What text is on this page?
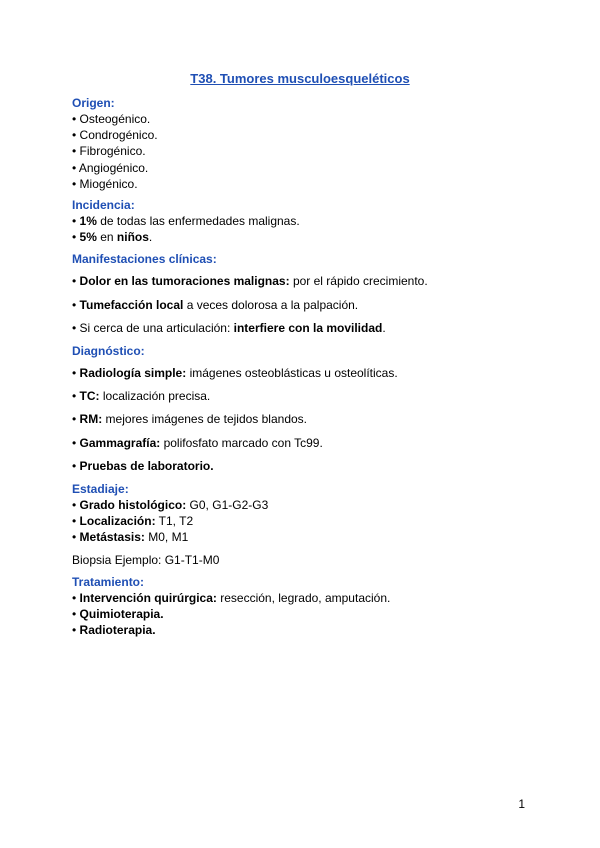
T38. Tumores musculoesqueléticos

Origen:

• Osteogénico.

• Condrogénico.

• Fibrogénico.

• Angiogénico.

• Miogénico.

Incidencia:

• 1% de todas las enfermedades malignas.

• 5% en niños.

Manifestaciones clínicas:

• Dolor en las tumoraciones malignas: por el rápido crecimiento.

• Tumefacción local a veces dolorosa a la palpación.

• Si cerca de una articulación: interfiere con la movilidad.

Diagnóstico:

• Radiología simple: imágenes osteoblásticas u osteolíticas.

• TC: localización precisa.

• RM: mejores imágenes de tejidos blandos.

• Gammagrafía: polifosfato marcado con Tc99.

• Pruebas de laboratorio.

Estadiaje:

• Grado histológico: G0, G1-G2-G3

• Localización: T1, T2

• Metástasis: M0, M1

Biopsia Ejemplo: G1-T1-M0

Tratamiento:

• Intervención quirúrgica: resección, legrado, amputación.

• Quimioterapia.

• Radioterapia.

1
